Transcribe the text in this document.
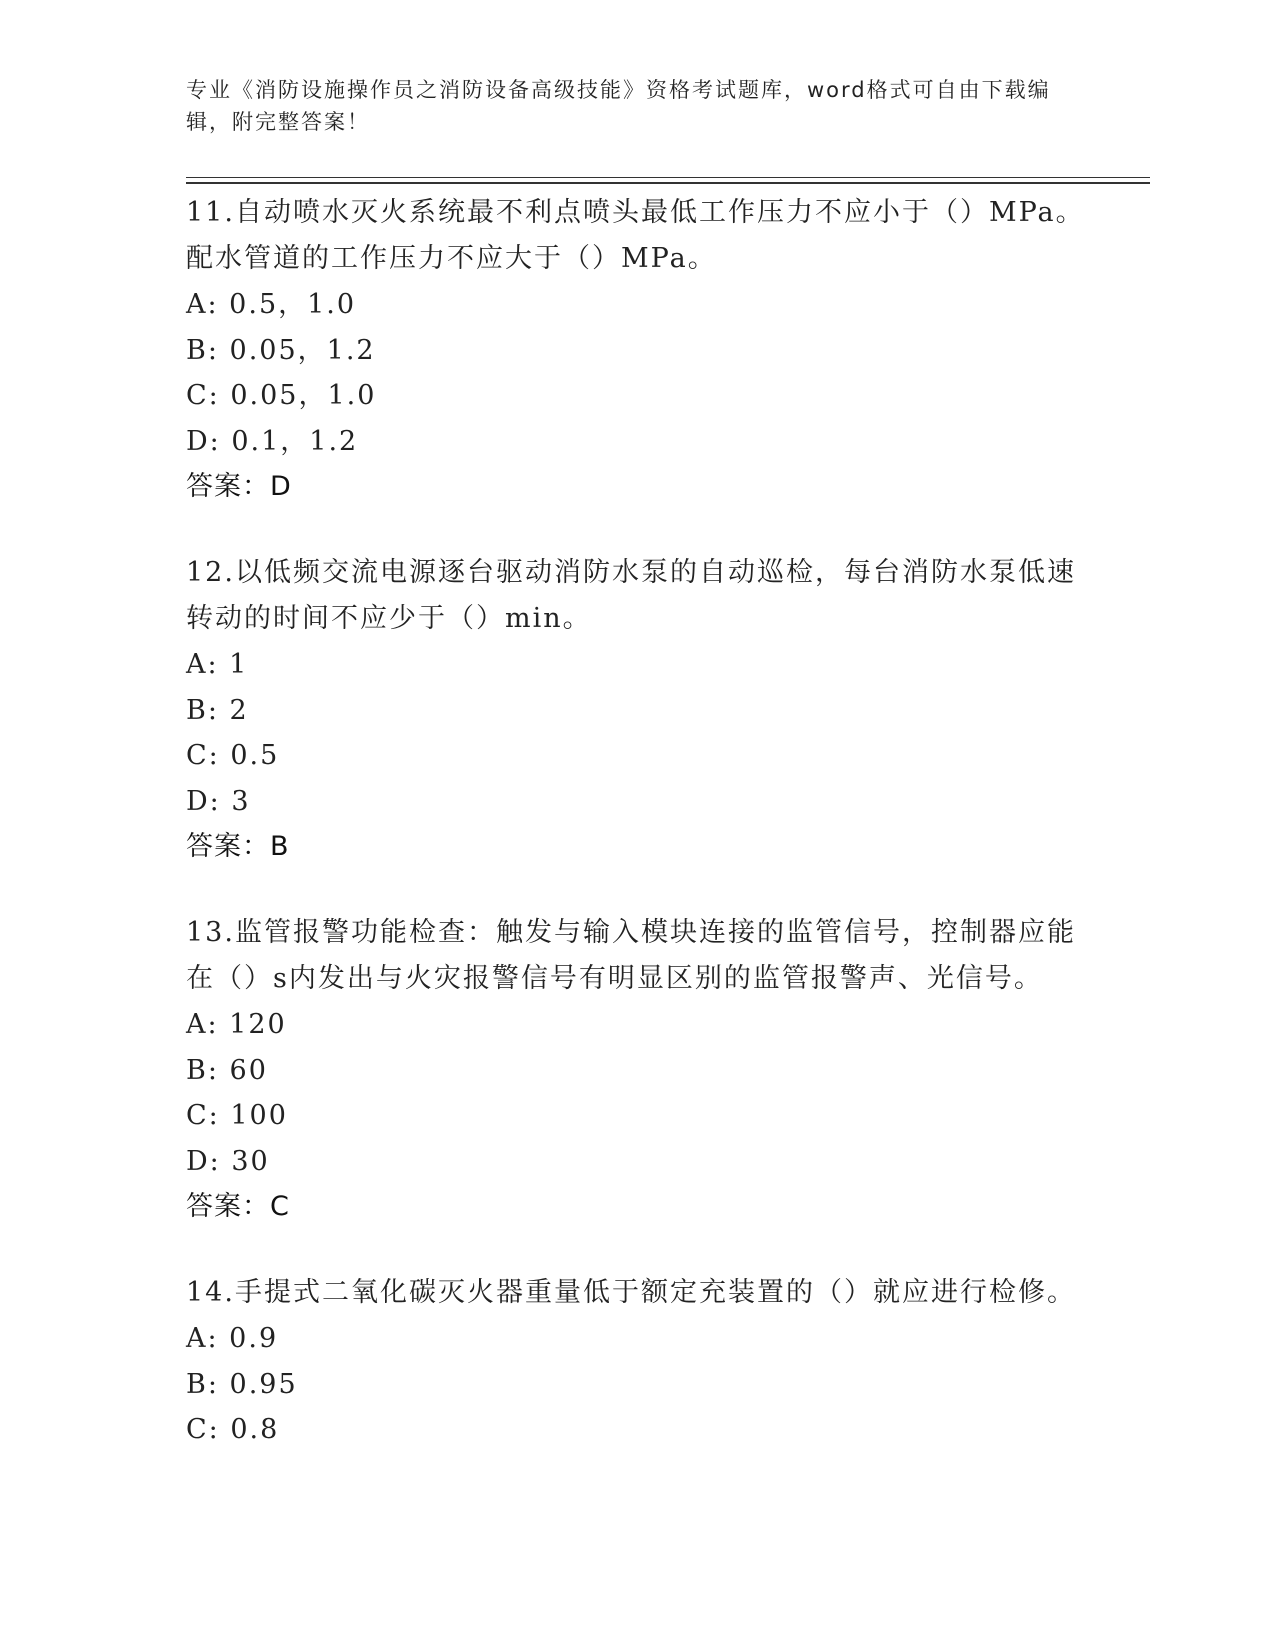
专业《消防设施操作员之消防设备高级技能》资格考试题库，word格式可自由下载编辑，附完整答案！

11.自动喷水灭火系统最不利点喷头最低工作压力不应小于（）MPa。配水管道的工作压力不应大于（）MPa。

A: 0.5，1.0

B: 0.05，1.2

C: 0.05，1.0

D: 0.1，1.2

答案：D

12.以低频交流电源逐台驱动消防水泵的自动巡检，每台消防水泵低速转动的时间不应少于（）min。

A: 1

B: 2

C: 0.5

D: 3

答案：B

13.监管报警功能检查：触发与输入模块连接的监管信号，控制器应能在（）s内发出与火灾报警信号有明显区别的监管报警声、光信号。

A: 120

B: 60

C: 100

D: 30

答案：C

14.手提式二氧化碳灭火器重量低于额定充装置的（）就应进行检修。

A: 0.9

B: 0.95

C: 0.8
